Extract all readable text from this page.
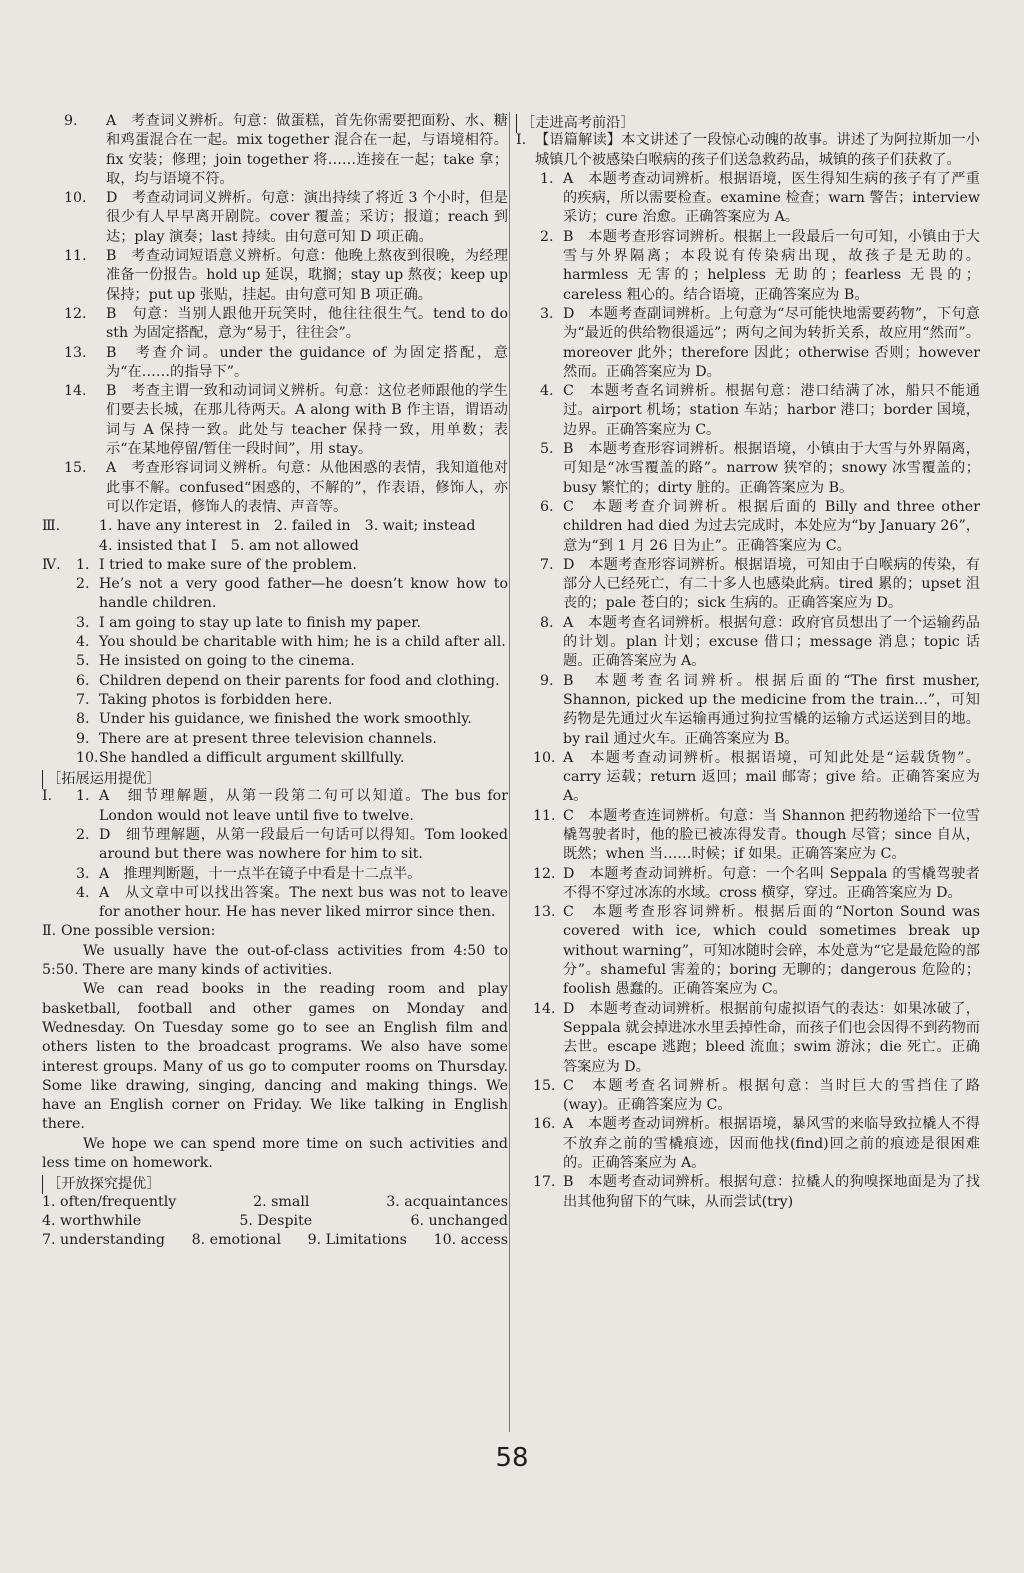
9. A　考查词义辨析。句意：做蛋糕，首先你需要把面粉、水、糖和鸡蛋混合在一起。mix together 混合在一起，与语境相符。fix 安装；修理；join together 将……连接在一起；take 拿；取，均与语境不符。
10. D　考查动词词义辨析。句意：演出持续了将近 3 个小时，但是很少有人早早离开剧院。cover 覆盖；采访；报道；reach 到达；play 演奏；last 持续。由句意可知 D 项正确。
11. B　考查动词短语意义辨析。句意：他晚上熬夜到很晚，为经理准备一份报告。hold up 延误，耽搁；stay up 熬夜；keep up 保持；put up 张贴，挂起。由句意可知 B 项正确。
12. B　句意：当别人跟他开玩笑时，他往往很生气。tend to do sth 为固定搭配，意为“易于，往往会”。
13. B　考查介词。under the guidance of 为固定搭配，意为“在……的指导下”。
14. B　考查主谓一致和动词词义辨析。句意：这位老师跟他的学生们要去长城，在那儿待两天。A along with B 作主语，谓语动词与 A 保持一致。此处与 teacher 保持一致，用单数；表示“在某地停留/暂住一段时间”，用 stay。
15. A　考查形容词词义辨析。句意：从他困惑的表情，我知道他对此事不解。confused“困惑的，不解的”，作表语，修饰人，亦可以作定语，修饰人的表情、声音等。
Ⅲ.	1. have any interest in　2. failed in　3. wait; instead
4. insisted that I　5. am not allowed
Ⅳ. 1. I tried to make sure of the problem.
2. He’s not a very good father—he doesn’t know how to handle children.
3. I am going to stay up late to finish my paper.
4. You should be charitable with him; he is a child after all.
5. He insisted on going to the cinema.
6. Children depend on their parents for food and clothing.
7. Taking photos is forbidden here.
8. Under his guidance, we finished the work smoothly.
9. There are at present three television channels.
10. She handled a difficult argument skillfully.
［拓展运用提优］
Ⅰ. 1. A　细节理解题，从第一段第二句可以知道。The bus for London would not leave until five to twelve.
2. D　细节理解题，从第一段最后一句话可以得知。Tom looked around but there was nowhere for him to sit.
3. A　推理判断题，十一点半在镜子中看是十二点半。
4. A　从文章中可以找出答案。The next bus was not to leave for another hour. He has never liked mirror since then.
Ⅱ. One possible version:

We usually have the out-of-class activities from 4:50 to 5:50. There are many kinds of activities.

We can read books in the reading room and play basketball, football and other games on Monday and Wednesday. On Tuesday some go to see an English film and others listen to the broadcast programs. We also have some interest groups. Many of us go to computer rooms on Thursday. Some like drawing, singing, dancing and making things. We have an English corner on Friday. We like talking in English there.

We hope we can spend more time on such activities and less time on homework.

［开放探究提优］
1. often/frequently	2. small	3. acquaintances
4. worthwhile	5. Despite	6. unchanged
7. understanding 8. emotional 9. Limitations 10. access
［走进高考前沿］
Ⅰ. 【语篇解读】本文讲述了一段惊心动魄的故事。讲述了为阿拉斯加一小城镇几个被感染白喉病的孩子们送急救药品，城镇的孩子们获救了。
1. A　本题考查动词辨析。根据语境，医生得知生病的孩子有了严重的疾病，所以需要检查。examine 检查；warn 警告；interview 采访；cure 治愈。正确答案应为 A。
2. B　本题考查形容词辨析。根据上一段最后一句可知，小镇由于大雪与外界隔离；本段说有传染病出现，故孩子是无助的。harmless 无害的；helpless 无助的；fearless 无畏的；careless 粗心的。结合语境，正确答案应为 B。
3. D　本题考查副词辨析。上句意为“尽可能快地需要药物”，下句意为“最近的供给物很遥远”；两句之间为转折关系，故应用“然而”。moreover 此外；therefore 因此；otherwise 否则；however 然而。正确答案应为 D。
4. C　本题考查名词辨析。根据句意：港口结满了冰，船只不能通过。airport 机场；station 车站；harbor 港口；border 国境，边界。正确答案应为 C。
5. B　本题考查形容词辨析。根据语境，小镇由于大雪与外界隔离，可知是“冰雪覆盖的路”。narrow 狭窄的；snowy 冰雪覆盖的；busy 繁忙的；dirty 脏的。正确答案应为 B。
6. C　本题考查介词辨析。根据后面的 Billy and three other children had died 为过去完成时，本处应为“by January 26”，意为“到 1 月 26 日为止”。正确答案应为 C。
7. D　本题考查形容词辨析。根据语境，可知由于白喉病的传染，有部分人已经死亡，有二十多人也感染此病。tired 累的；upset 沮丧的；pale 苍白的；sick 生病的。正确答案应为 D。
8. A　本题考查名词辨析。根据句意：政府官员想出了一个运输药品的计划。plan 计划；excuse 借口；message 消息；topic 话题。正确答案应为 A。
9. B　本题考查名词辨析。根据后面的“The first musher, Shannon, picked up the medicine from the train...”，可知药物是先通过火车运输再通过狗拉雪橇的运输方式运送到目的地。by rail 通过火车。正确答案应为 B。
10. A　本题考查动词辨析。根据语境，可知此处是“运载货物”。carry 运载；return 返回；mail 邮寄；give 给。正确答案应为 A。
11. C　本题考查连词辨析。句意：当 Shannon 把药物递给下一位雪橇驾驶者时，他的脸已被冻得发青。though 尽管；since 自从，既然；when 当……时候；if 如果。正确答案应为 C。
12. D　本题考查动词辨析。句意：一个名叫 Seppala 的雪橇驾驶者不得不穿过冰冻的水域。cross 横穿，穿过。正确答案应为 D。
13. C　本题考查形容词辨析。根据后面的“Norton Sound was covered with ice, which could sometimes break up without warning”，可知冰随时会碎，本处意为“它是最危险的部分”。shameful 害羞的；boring 无聊的；dangerous 危险的；foolish 愚蠢的。正确答案应为 C。
14. D　本题考查动词辨析。根据前句虚拟语气的表达：如果冰破了，Seppala 就会掉进冰水里丢掉性命，而孩子们也会因得不到药物而去世。escape 逃跑；bleed 流血；swim 游泳；die 死亡。正确答案应为 D。
15. C　本题考查名词辨析。根据句意：当时巨大的雪挡住了路(way)。正确答案应为 C。
16. A　本题考查动词辨析。根据语境，暴风雪的来临导致拉橇人不得不放弃之前的雪橇痕迹，因而他找(find)回之前的痕迹是很困难的。正确答案应为 A。
17. B　本题考查动词辨析。根据句意：拉橇人的狗嗅探地面是为了找出其他狗留下的气味，从而尝试(try)
58
